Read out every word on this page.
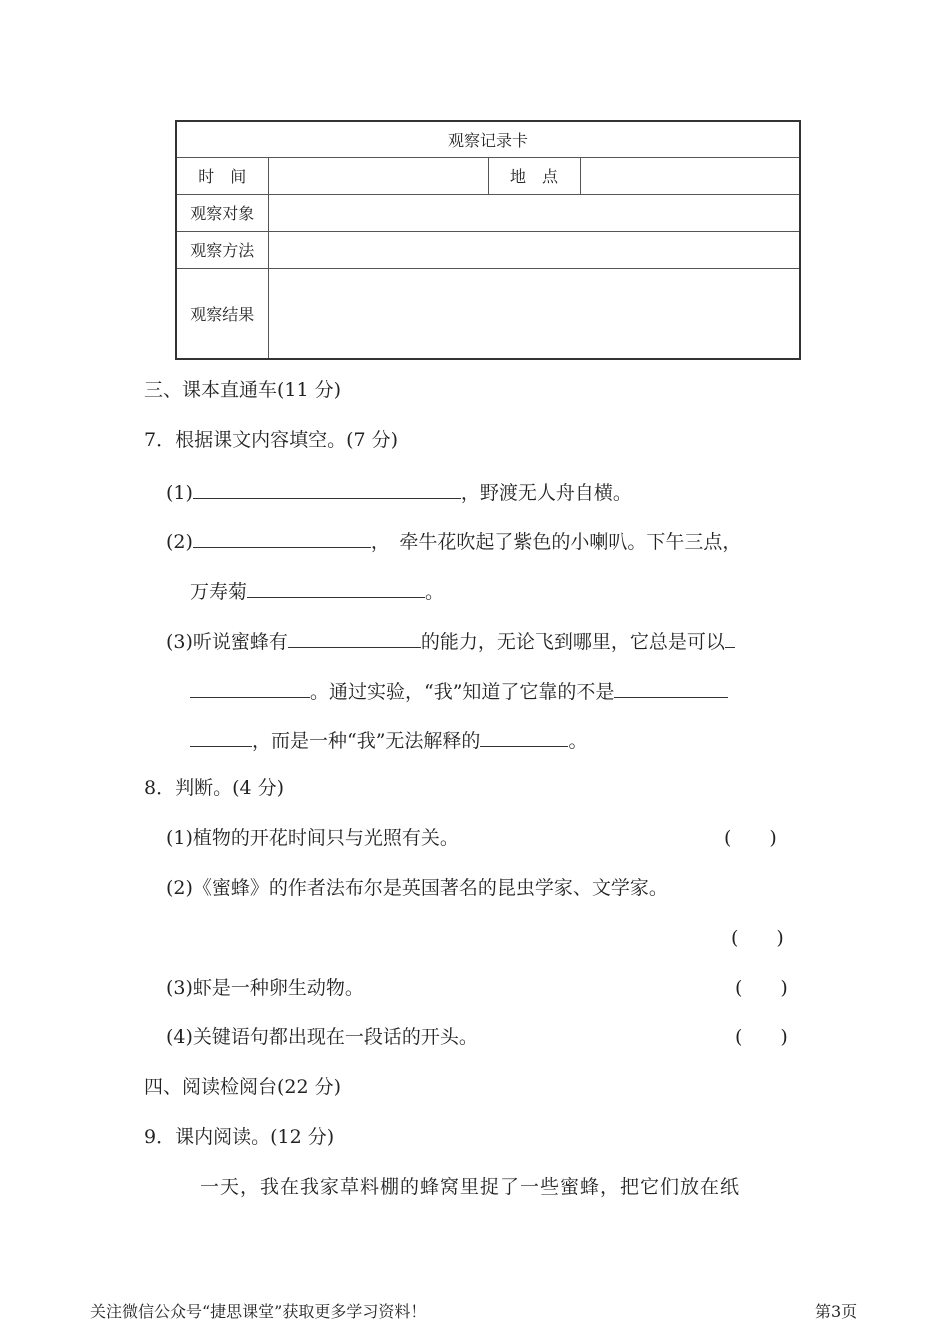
观察记录卡			
时　间		地　点	
观察对象			
观察方法			
观察结果			
三、课本直通车(11 分)
7．根据课文内容填空。(7 分)
(1)	，野渡无人舟自横。
(2)	，　牵牛花吹起了紫色的小喇叭。下午三点，
万寿菊	。
(3)听说蜜蜂有	的能力，无论飞到哪里，它总是可以
。通过实验，“我”知道了它靠的不是
，而是一种“我”无法解释的	。
8．判断。(4 分)
(1)植物的开花时间只与光照有关。	(　　)
(2)《蜜蜂》的作者法布尔是英国著名的昆虫学家、文学家。
(　　)
(3)虾是一种卵生动物。	(　　)
(4)关键语句都出现在一段话的开头。	(　　)
四、阅读检阅台(22 分)
9．课内阅读。(12 分)
一天，我在我家草料棚的蜂窝里捉了一些蜜蜂，把它们放在纸
关注微信公众号“捷思课堂”获取更多学习资料！	第3页
